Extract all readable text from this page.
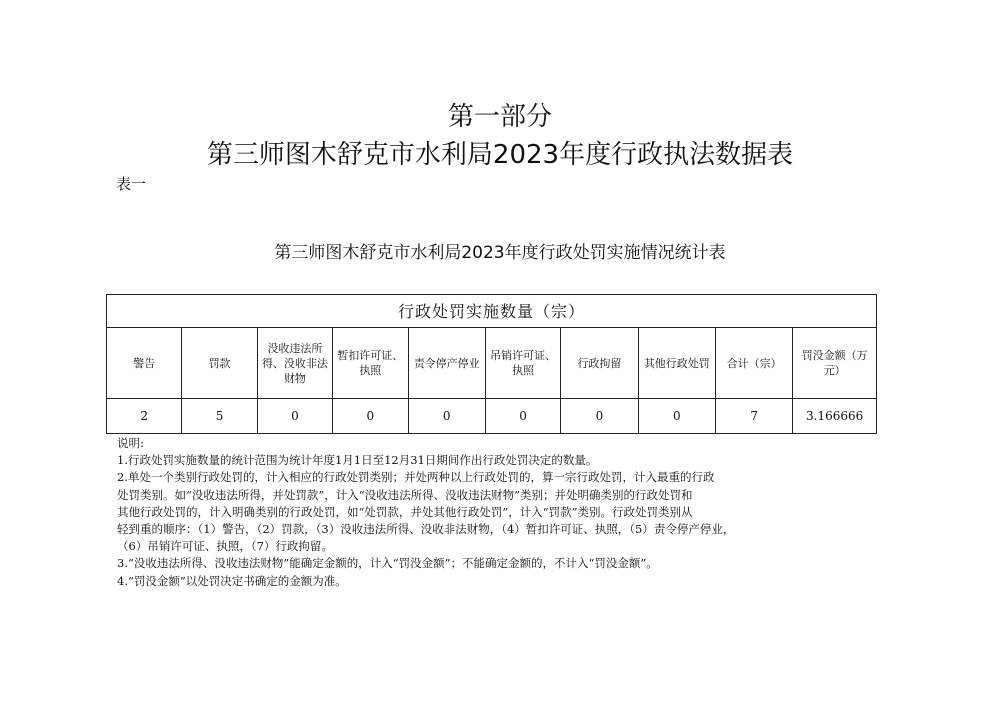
第一部分
第三师图木舒克市水利局2023年度行政执法数据表
表一
第三师图木舒克市水利局2023年度行政处罚实施情况统计表
行政处罚实施数量（宗）									
警告	罚款	没收违法所得、没收非法财物	暂扣许可证、执照	责令停产停业	吊销许可证、执照	行政拘留	其他行政处罚	合计（宗）	罚没金额（万元）
2	5	0	0	0	0	0	0	7	3.166666
说明:
1.行政处罚实施数量的统计范围为统计年度1月1日至12月31日期间作出行政处罚决定的数量。
2.单处一个类别行政处罚的，计入相应的行政处罚类别；并处两种以上行政处罚的，算一宗行政处罚，计入最重的行政
处罚类别。如“没收违法所得，并处罚款”，计入“没收违法所得、没收违法财物”类别；并处明确类别的行政处罚和
其他行政处罚的，计入明确类别的行政处罚，如“处罚款，并处其他行政处罚”，计入“罚款”类别。行政处罚类别从
轻到重的顺序：（1）警告，（2）罚款，（3）没收违法所得、没收非法财物，（4）暂扣许可证、执照，（5）责令停产停业，
（6）吊销许可证、执照，（7）行政拘留。
3.“没收违法所得、没收违法财物”能确定金额的，计入“罚没金额”；不能确定金额的，不计入“罚没金额”。
4.“罚没金额”以处罚决定书确定的金额为准。
